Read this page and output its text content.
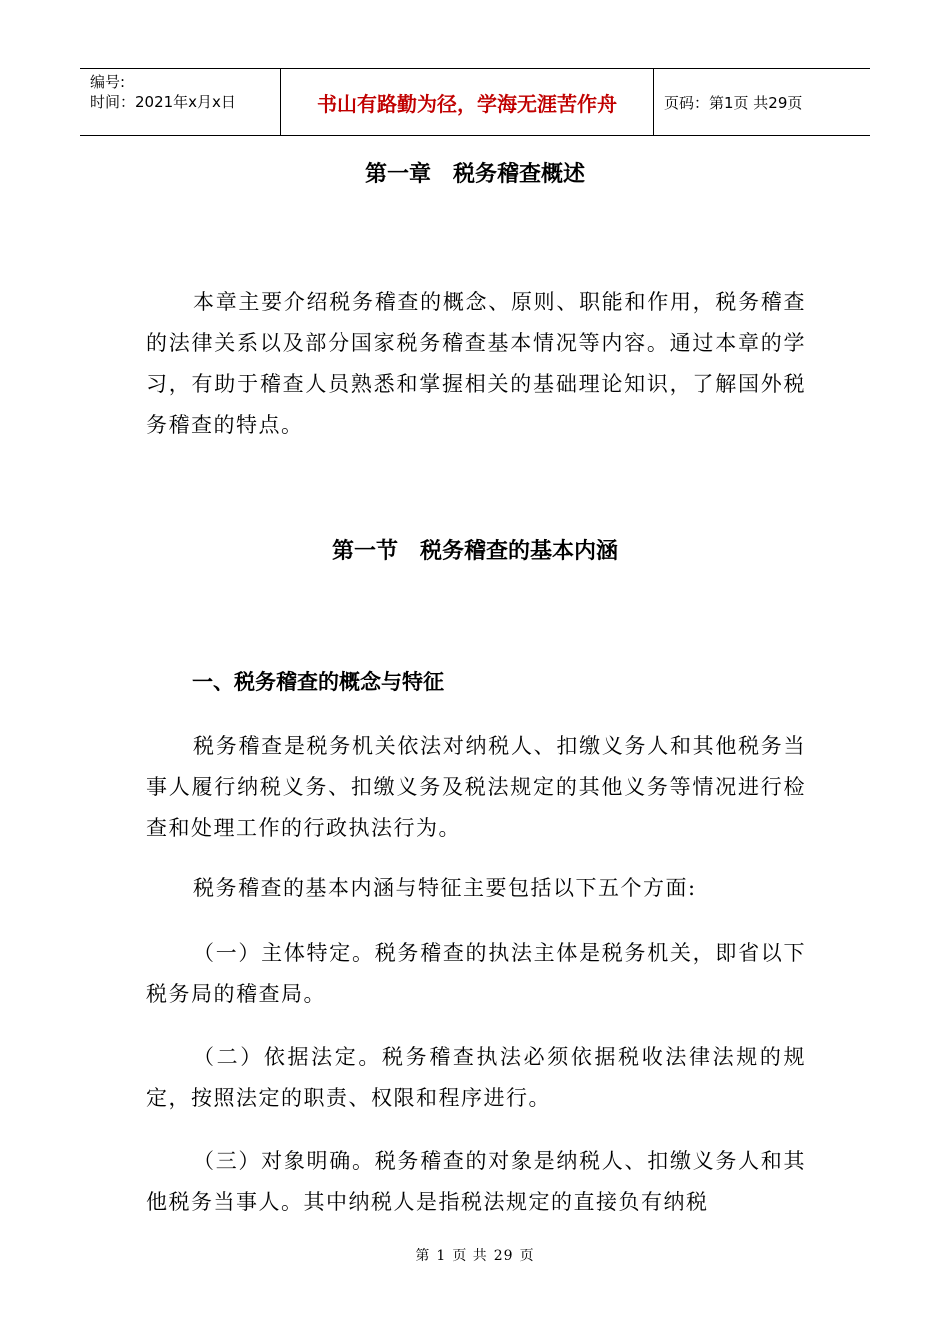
编号:
时间：2021年x月x日	书山有路勤为径，学海无涯苦作舟	页码：第1页 共29页
第一章　税务稽查概述
本章主要介绍税务稽查的概念、原则、职能和作用，税务稽查的法律关系以及部分国家税务稽查基本情况等内容。通过本章的学习，有助于稽查人员熟悉和掌握相关的基础理论知识，了解国外税务稽查的特点。
第一节　税务稽查的基本内涵
一、税务稽查的概念与特征
税务稽查是税务机关依法对纳税人、扣缴义务人和其他税务当事人履行纳税义务、扣缴义务及税法规定的其他义务等情况进行检查和处理工作的行政执法行为。
税务稽查的基本内涵与特征主要包括以下五个方面:
（一）主体特定。税务稽查的执法主体是税务机关，即省以下税务局的稽查局。
（二）依据法定。税务稽查执法必须依据税收法律法规的规定，按照法定的职责、权限和程序进行。
（三）对象明确。税务稽查的对象是纳税人、扣缴义务人和其他税务当事人。其中纳税人是指税法规定的直接负有纳税
第 1 页 共 29 页
